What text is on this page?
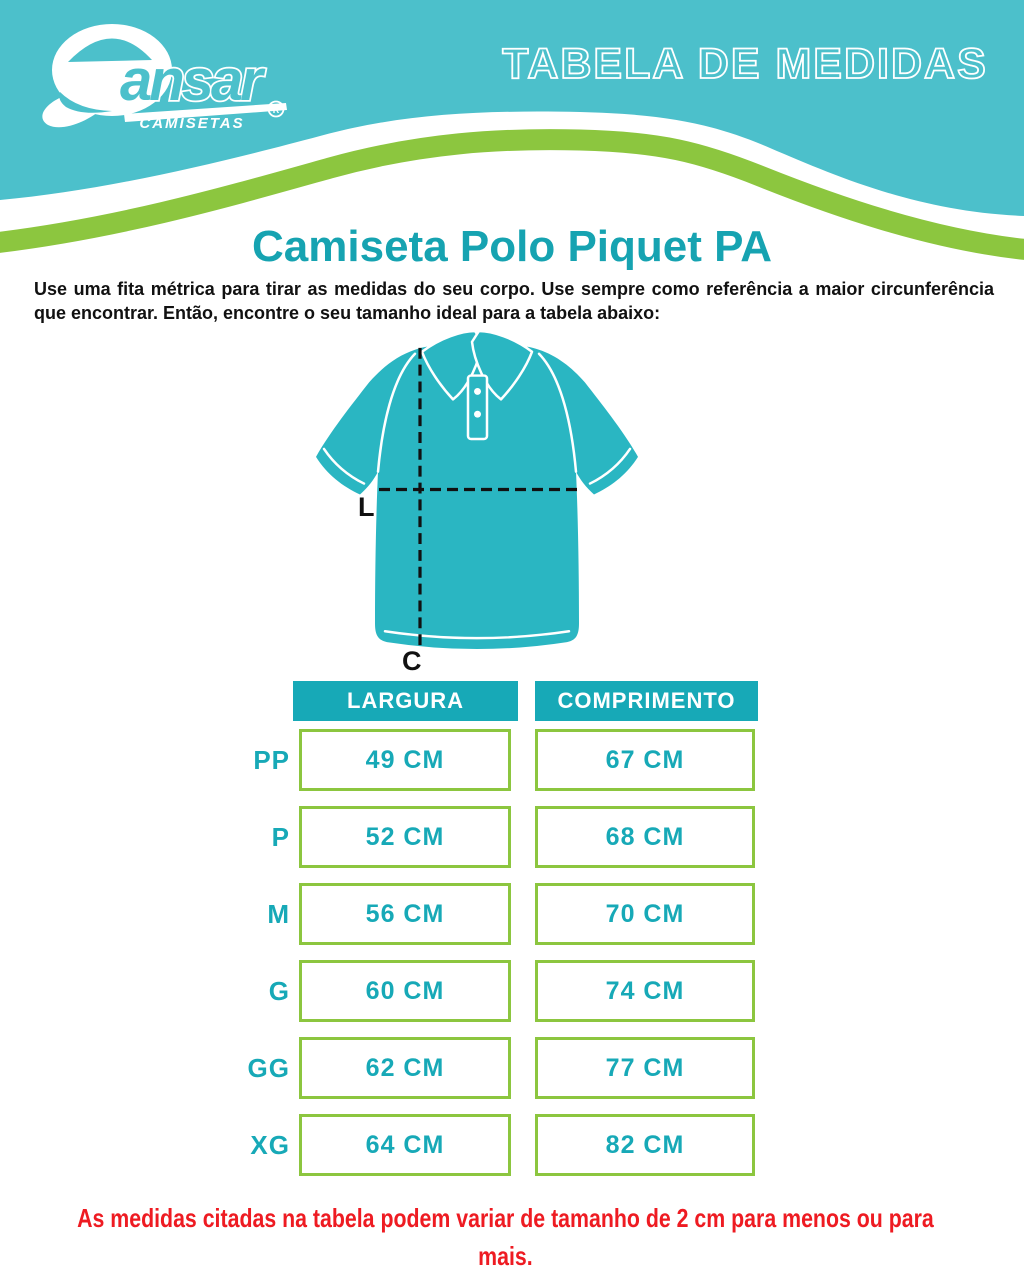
ansar	R
CAMISETAS
TABELA DE MEDIDAS
Camiseta Polo Piquet PA
Use uma fita métrica para tirar as medidas do seu corpo. Use sempre como referência a maior circunferência que encontrar. Então, encontre o seu tamanho ideal para a tabela abaixo:
L
C
LARGURA	COMPRIMENTO
PP	49 CM	67 CM
P	52 CM	68 CM
M	56 CM	70 CM
G	60 CM	74 CM
GG	62 CM	77 CM
XG	64 CM	82 CM
As medidas citadas na tabela podem variar de tamanho de 2 cm para menos ou para
mais.
